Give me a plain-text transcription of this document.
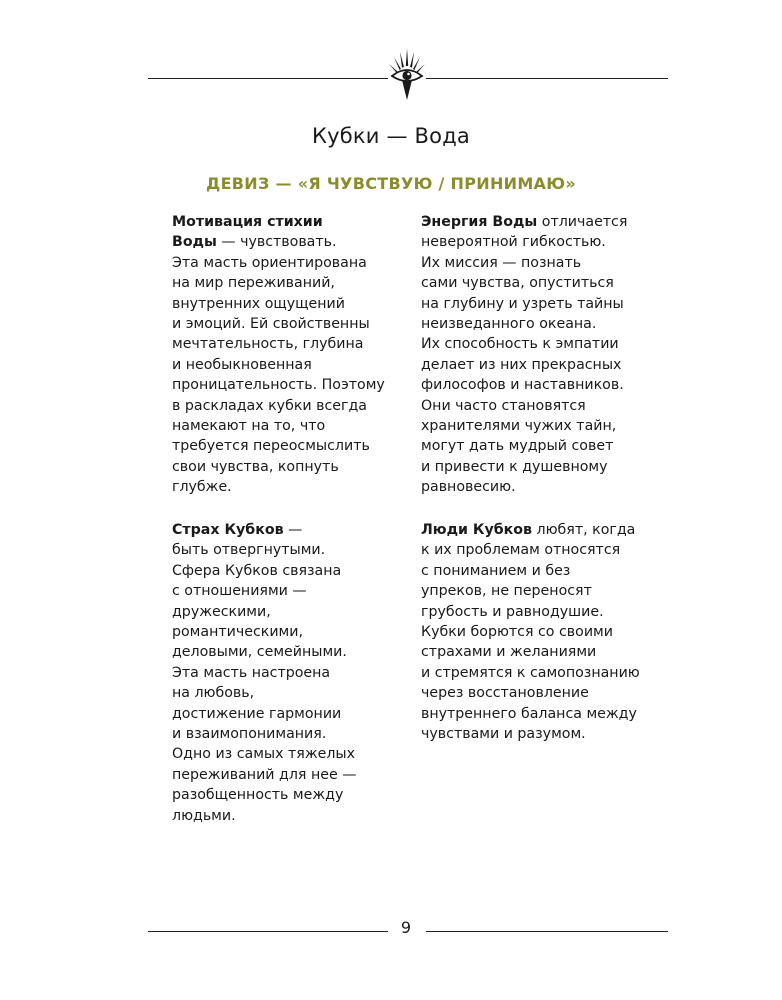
Кубки — Вода
ДЕВИЗ — «Я ЧУВСТВУЮ / ПРИНИМАЮ»
Мотивация стихии
Воды — чувствовать.
Эта масть ориентирована
на мир переживаний,
внутренних ощущений
и эмоций. Ей свойственны
мечтательность, глубина
и необыкновенная
проницательность. Поэтому
в раскладах кубки всегда
намекают на то, что
требуется переосмыслить
свои чувства, копнуть
глубже.
Энергия Воды отличается
невероятной гибкостью.
Их миссия — познать
сами чувства, опуститься
на глубину и узреть тайны
неизведанного океана.
Их способность к эмпатии
делает из них прекрасных
философов и наставников.
Они часто становятся
хранителями чужих тайн,
могут дать мудрый совет
и привести к душевному
равновесию.
Страх Кубков —
быть отвергнутыми.
Сфера Кубков связана
с отношениями —
дружескими,
романтическими,
деловыми, семейными.
Эта масть настроена
на любовь,
достижение гармонии
и взаимопонимания.
Одно из самых тяжелых
переживаний для нее —
разобщенность между
людьми.
Люди Кубков любят, когда
к их проблемам относятся
с пониманием и без
упреков, не переносят
грубость и равнодушие.
Кубки борются со своими
страхами и желаниями
и стремятся к самопознанию
через восстановление
внутреннего баланса между
чувствами и разумом.
9
